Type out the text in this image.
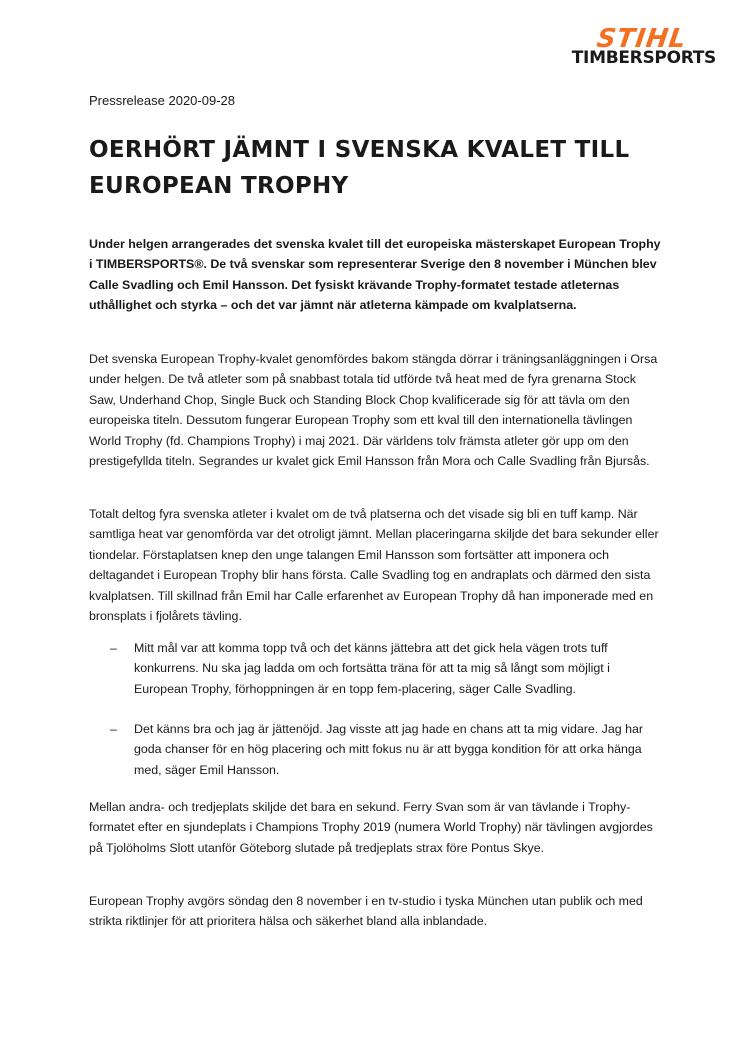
STIHL
TIMBERSPORTS
Pressrelease 2020-09-28
OERHÖRT JÄMNT I SVENSKA KVALET TILL EUROPEAN TROPHY

Under helgen arrangerades det svenska kvalet till det europeiska mästerskapet European Trophy i TIMBERSPORTS®. De två svenskar som representerar Sverige den 8 november i München blev Calle Svadling och Emil Hansson. Det fysiskt krävande Trophy-formatet testade atleternas uthållighet och styrka – och det var jämnt när atleterna kämpade om kvalplatserna.

Det svenska European Trophy-kvalet genomfördes bakom stängda dörrar i träningsanläggningen i Orsa under helgen. De två atleter som på snabbast totala tid utförde två heat med de fyra grenarna Stock Saw, Underhand Chop, Single Buck och Standing Block Chop kvalificerade sig för att tävla om den europeiska titeln. Dessutom fungerar European Trophy som ett kval till den internationella tävlingen World Trophy (fd. Champions Trophy) i maj 2021. Där världens tolv främsta atleter gör upp om den prestigefyllda titeln. Segrandes ur kvalet gick Emil Hansson från Mora och Calle Svadling från Bjursås.

Totalt deltog fyra svenska atleter i kvalet om de två platserna och det visade sig bli en tuff kamp. När samtliga heat var genomförda var det otroligt jämnt. Mellan placeringarna skiljde det bara sekunder eller tiondelar. Förstaplatsen knep den unge talangen Emil Hansson som fortsätter att imponera och deltagandet i European Trophy blir hans första. Calle Svadling tog en andraplats och därmed den sista kvalplatsen. Till skillnad från Emil har Calle erfarenhet av European Trophy då han imponerade med en bronsplats i fjolårets tävling.

–	Mitt mål var att komma topp två och det känns jättebra att det gick hela vägen trots tuff konkurrens. Nu ska jag ladda om och fortsätta träna för att ta mig så långt som möjligt i European Trophy, förhoppningen är en topp fem-placering, säger Calle Svadling.
–	Det känns bra och jag är jättenöjd. Jag visste att jag hade en chans att ta mig vidare. Jag har goda chanser för en hög placering och mitt fokus nu är att bygga kondition för att orka hänga med, säger Emil Hansson.

Mellan andra- och tredjeplats skiljde det bara en sekund. Ferry Svan som är van tävlande i Trophy-formatet efter en sjundeplats i Champions Trophy 2019 (numera World Trophy) när tävlingen avgjordes på Tjolöholms Slott utanför Göteborg slutade på tredjeplats strax före Pontus Skye.

European Trophy avgörs söndag den 8 november i en tv-studio i tyska München utan publik och med strikta riktlinjer för att prioritera hälsa och säkerhet bland alla inblandade.
